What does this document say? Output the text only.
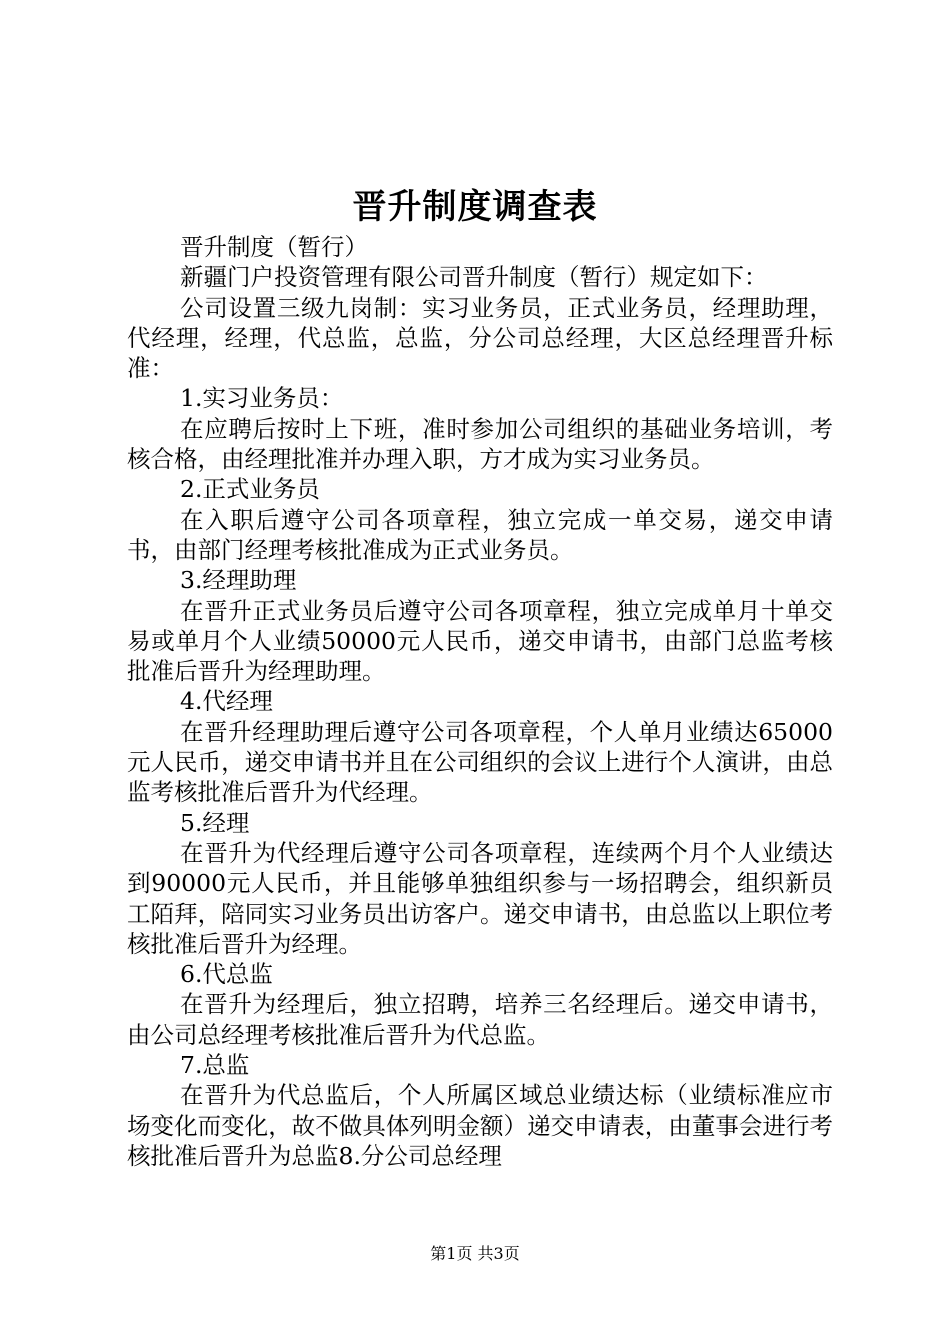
晋升制度调查表

晋升制度（暂行）

新疆门户投资管理有限公司晋升制度（暂行）规定如下：

公司设置三级九岗制：实习业务员，正式业务员，经理助理，代经理，经理，代总监，总监，分公司总经理，大区总经理晋升标准：

1.实习业务员：

在应聘后按时上下班，准时参加公司组织的基础业务培训，考核合格，由经理批准并办理入职，方才成为实习业务员。

2.正式业务员

在入职后遵守公司各项章程，独立完成一单交易，递交申请书，由部门经理考核批准成为正式业务员。

3.经理助理

在晋升正式业务员后遵守公司各项章程，独立完成单月十单交易或单月个人业绩50000元人民币，递交申请书，由部门总监考核批准后晋升为经理助理。

4.代经理

在晋升经理助理后遵守公司各项章程，个人单月业绩达65000元人民币，递交申请书并且在公司组织的会议上进行个人演讲，由总监考核批准后晋升为代经理。

5.经理

在晋升为代经理后遵守公司各项章程，连续两个月个人业绩达到90000元人民币，并且能够单独组织参与一场招聘会，组织新员工陌拜，陪同实习业务员出访客户。递交申请书，由总监以上职位考核批准后晋升为经理。

6.代总监

在晋升为经理后，独立招聘，培养三名经理后。递交申请书，由公司总经理考核批准后晋升为代总监。

7.总监

在晋升为代总监后，个人所属区域总业绩达标（业绩标准应市场变化而变化，故不做具体列明金额）递交申请表，由董事会进行考核批准后晋升为总监8.分公司总经理

第1页 共3页
